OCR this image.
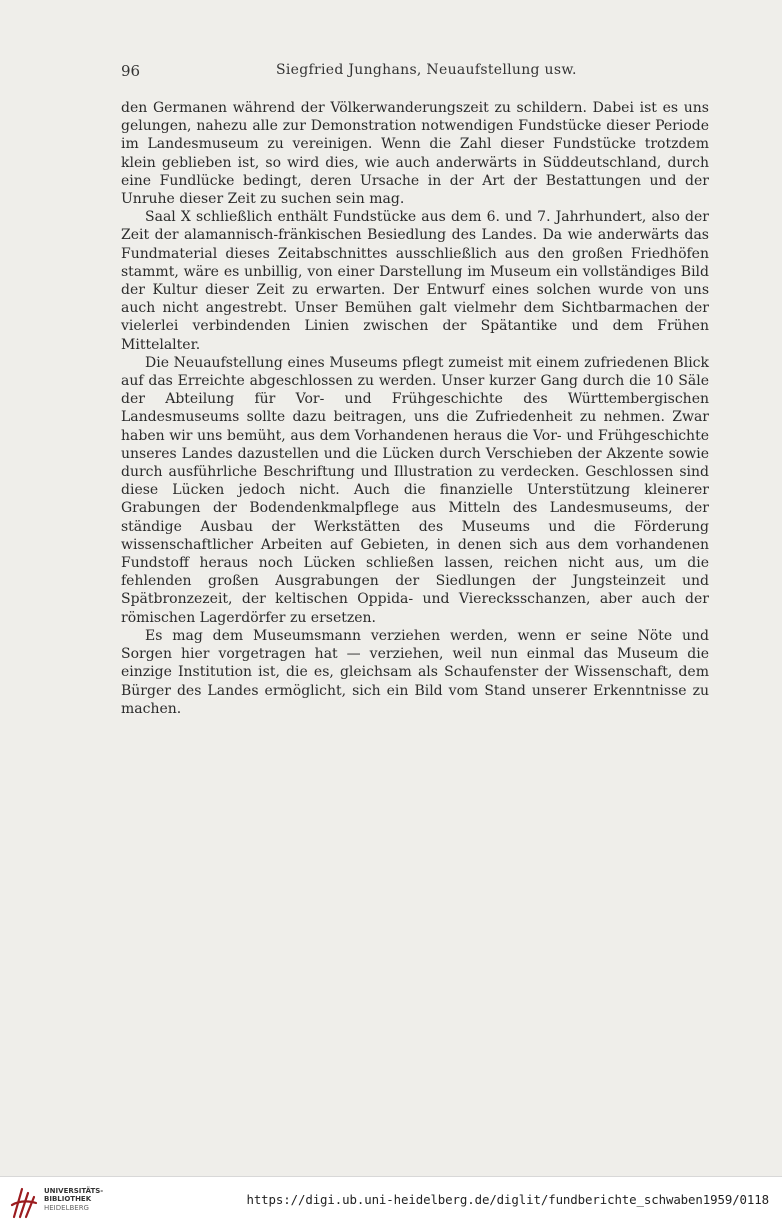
96	Siegfried Junghans, Neuaufstellung usw.

den Germanen während der Völkerwanderungszeit zu schildern. Dabei ist es uns gelungen, nahezu alle zur Demonstration notwendigen Fundstücke dieser Periode im Landesmuseum zu vereinigen. Wenn die Zahl dieser Fundstücke trotzdem klein geblieben ist, so wird dies, wie auch anderwärts in Süddeutschland, durch eine Fundlücke bedingt, deren Ursache in der Art der Bestattungen und der Unruhe dieser Zeit zu suchen sein mag.

Saal X schließlich enthält Fundstücke aus dem 6. und 7. Jahrhundert, also der Zeit der alamannisch-fränkischen Besiedlung des Landes. Da wie anderwärts das Fundmaterial dieses Zeitabschnittes ausschließlich aus den großen Friedhöfen stammt, wäre es unbillig, von einer Darstellung im Museum ein vollständiges Bild der Kultur dieser Zeit zu erwarten. Der Entwurf eines solchen wurde von uns auch nicht angestrebt. Unser Bemühen galt vielmehr dem Sichtbarmachen der vielerlei verbindenden Linien zwischen der Spätantike und dem Frühen Mittelalter.

Die Neuaufstellung eines Museums pflegt zumeist mit einem zufriedenen Blick auf das Erreichte abgeschlossen zu werden. Unser kurzer Gang durch die 10 Säle der Abteilung für Vor- und Frühgeschichte des Württembergischen Landesmuseums sollte dazu beitragen, uns die Zufriedenheit zu nehmen. Zwar haben wir uns bemüht, aus dem Vorhandenen heraus die Vor- und Frühgeschichte unseres Landes dazustellen und die Lücken durch Verschieben der Akzente sowie durch ausführliche Beschriftung und Illustration zu verdecken. Geschlossen sind diese Lücken jedoch nicht. Auch die finanzielle Unterstützung kleinerer Grabungen der Bodendenkmalpflege aus Mitteln des Landesmuseums, der ständige Ausbau der Werkstätten des Museums und die Förderung wissenschaftlicher Arbeiten auf Gebieten, in denen sich aus dem vorhandenen Fundstoff heraus noch Lücken schließen lassen, reichen nicht aus, um die fehlenden großen Ausgrabungen der Siedlungen der Jungsteinzeit und Spätbronzezeit, der keltischen Oppida- und Vierecksschanzen, aber auch der römischen Lagerdörfer zu ersetzen.

Es mag dem Museumsmann verziehen werden, wenn er seine Nöte und Sorgen hier vorgetragen hat — verziehen, weil nun einmal das Museum die einzige Institution ist, die es, gleichsam als Schaufenster der Wissenschaft, dem Bürger des Landes ermöglicht, sich ein Bild vom Stand unserer Erkenntnisse zu machen.

UNIVERSITÄTS-
BIBLIOTHEK
HEIDELBERG
https://digi.ub.uni-heidelberg.de/diglit/fundberichte_schwaben1959/0118
